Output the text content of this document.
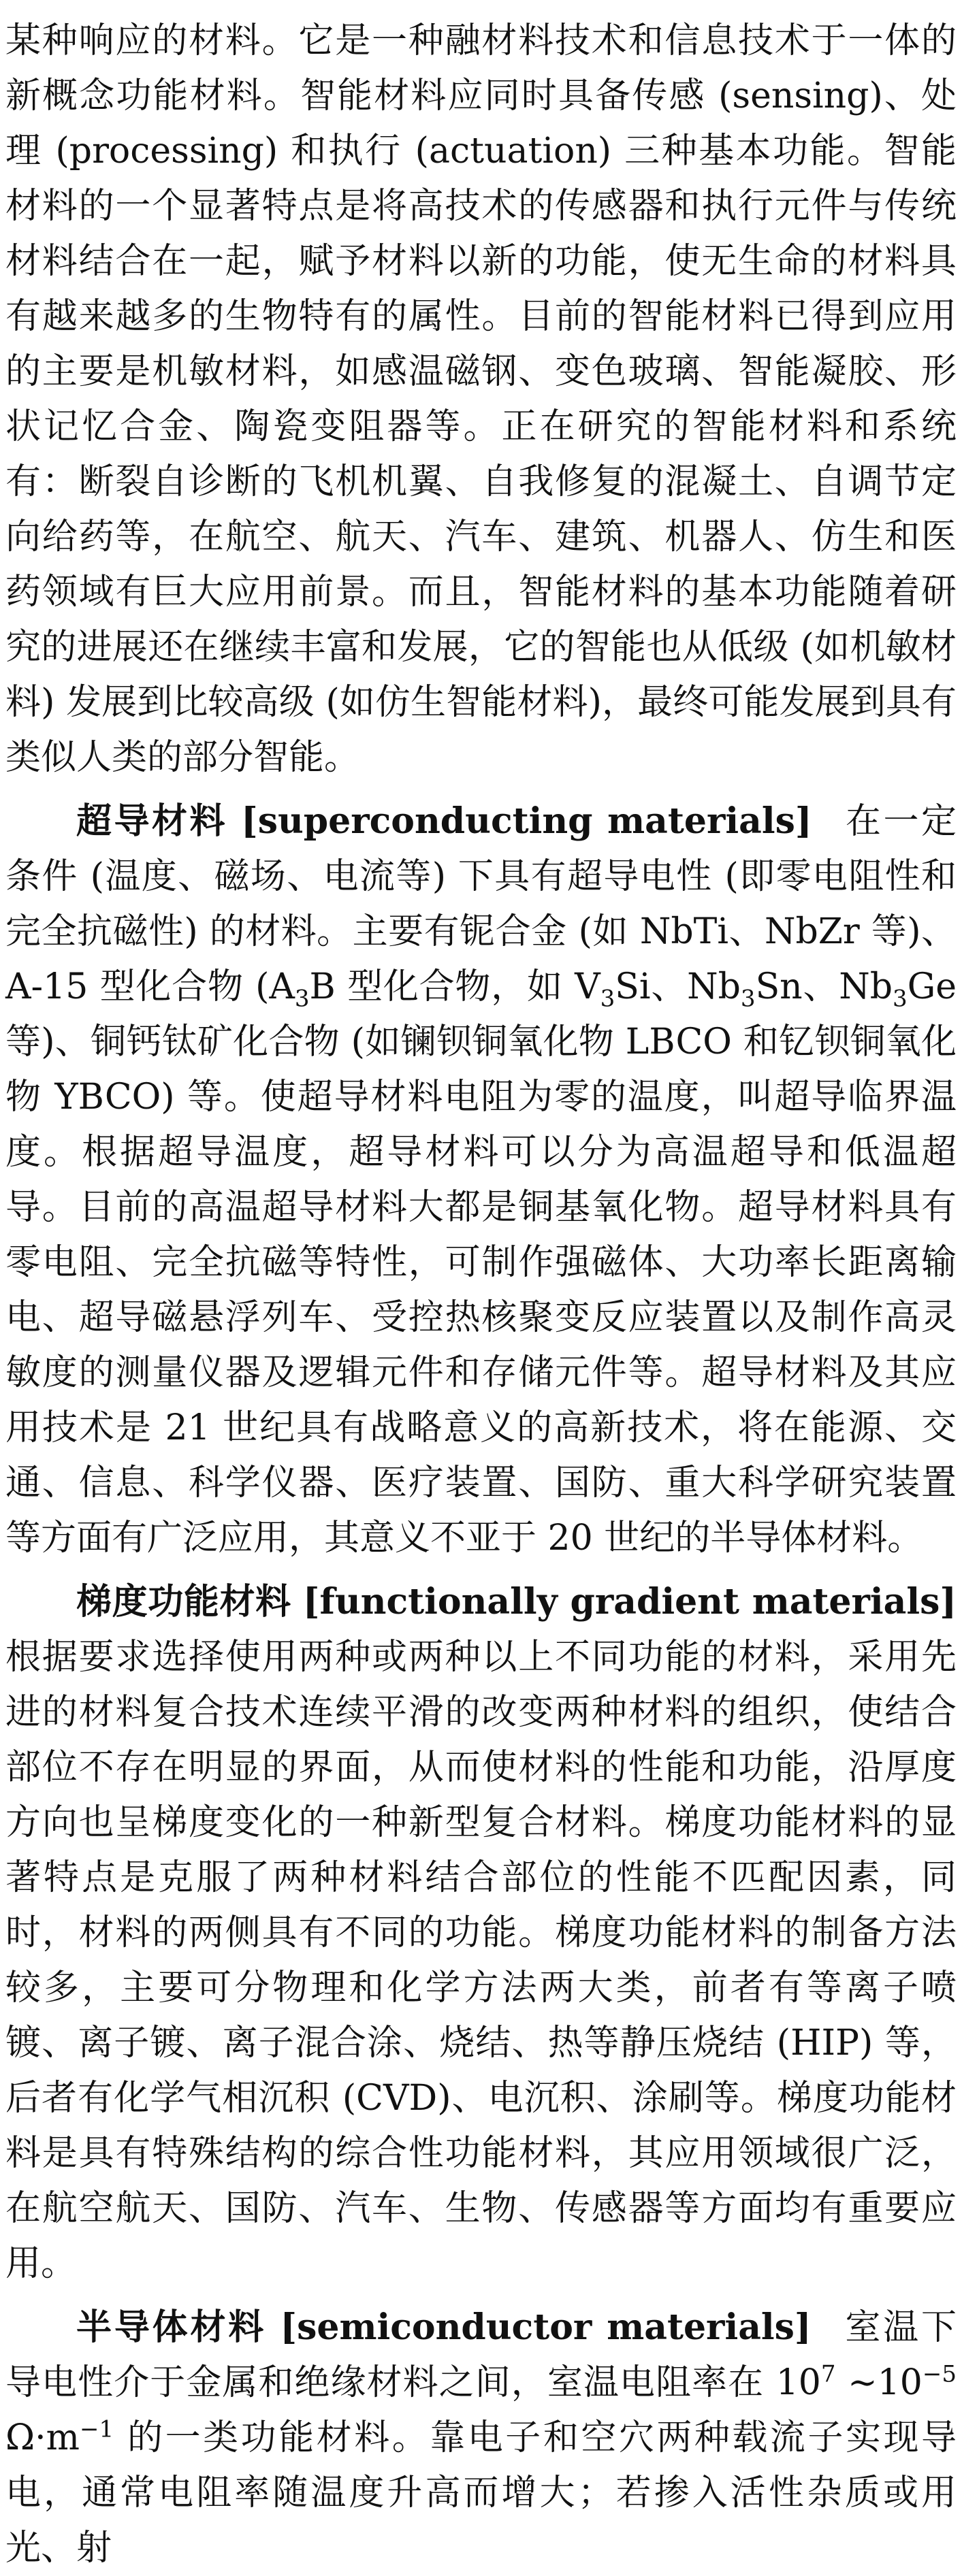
某种响应的材料。它是一种融材料技术和信息技术于一体的新概念功能材料。智能材料应同时具备传感 (sensing)、处理 (processing) 和执行 (actuation) 三种基本功能。智能材料的一个显著特点是将高技术的传感器和执行元件与传统材料结合在一起，赋予材料以新的功能，使无生命的材料具有越来越多的生物特有的属性。目前的智能材料已得到应用的主要是机敏材料，如感温磁钢、变色玻璃、智能凝胶、形状记忆合金、陶瓷变阻器等。正在研究的智能材料和系统有：断裂自诊断的飞机机翼、自我修复的混凝土、自调节定向给药等，在航空、航天、汽车、建筑、机器人、仿生和医药领域有巨大应用前景。而且，智能材料的基本功能随着研究的进展还在继续丰富和发展，它的智能也从低级 (如机敏材料) 发展到比较高级 (如仿生智能材料)，最终可能发展到具有类似人类的部分智能。

超导材料 [superconducting materials] 在一定条件 (温度、磁场、电流等) 下具有超导电性 (即零电阻性和完全抗磁性) 的材料。主要有铌合金 (如 NbTi、NbZr 等)、A-15 型化合物 ($A_3B$ 型化合物，如 $V_3Si$、$Nb_3Sn$、$Nb_3Ge$ 等)、铜钙钛矿化合物 (如镧钡铜氧化物 LBCO 和钇钡铜氧化物 YBCO) 等。使超导材料电阻为零的温度，叫超导临界温度。根据超导温度，超导材料可以分为高温超导和低温超导。目前的高温超导材料大都是铜基氧化物。超导材料具有零电阻、完全抗磁等特性，可制作强磁体、大功率长距离输电、超导磁悬浮列车、受控热核聚变反应装置以及制作高灵敏度的测量仪器及逻辑元件和存储元件等。超导材料及其应用技术是 21 世纪具有战略意义的高新技术，将在能源、交通、信息、科学仪器、医疗装置、国防、重大科学研究装置等方面有广泛应用，其意义不亚于 20 世纪的半导体材料。

梯度功能材料 [functionally gradient materials] 根据要求选择使用两种或两种以上不同功能的材料，采用先进的材料复合技术连续平滑的改变两种材料的组织，使结合部位不存在明显的界面，从而使材料的性能和功能，沿厚度方向也呈梯度变化的一种新型复合材料。梯度功能材料的显著特点是克服了两种材料结合部位的性能不匹配因素，同时，材料的两侧具有不同的功能。梯度功能材料的制备方法较多，主要可分物理和化学方法两大类，前者有等离子喷镀、离子镀、离子混合涂、烧结、热等静压烧结 (HIP) 等，后者有化学气相沉积 (CVD)、电沉积、涂刷等。梯度功能材料是具有特殊结构的综合性功能材料，其应用领域很广泛，在航空航天、国防、汽车、生物、传感器等方面均有重要应用。

半导体材料 [semiconductor materials] 室温下导电性介于金属和绝缘材料之间，室温电阻率在 $10^7$ $\sim 10^{-5}$ $\Omega\cdot m^{-1}$ 的一类功能材料。靠电子和空穴两种载流子实现导电，通常电阻率随温度升高而增大；若掺入活性杂质或用光、射
